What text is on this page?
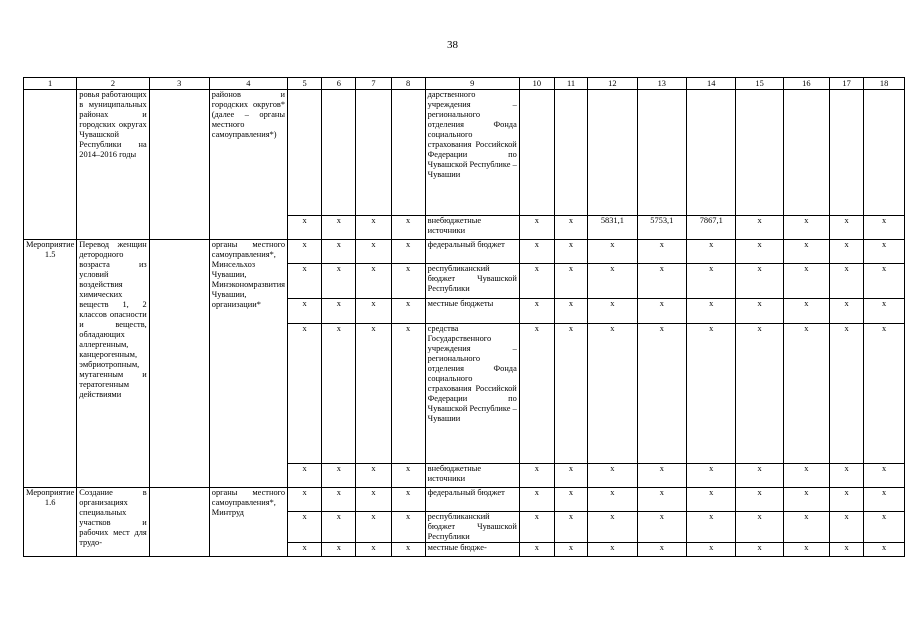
38
1	2	3	4	5	6	7	8	9	10	11	12	13	14	15	16	17	18
	ровья работающих в муниципальных районах и городских округах Чувашской Республики на 2014–2016 годы		районов и городских округов* (далее – органы местного самоуправления*)					дарственного учреждения – регионального отделения Фонда социального страхования Российской Федерации по Чувашской Республике – Чувашии									
				х	х	х	х	внебюджетные источники	х	х	5831,1	5753,1	7867,1	х	х	х	х
Мероприятие 1.5	Перевод женщин детородного возраста из условий воздействия химических веществ 1, 2 классов опасности и веществ, обладающих аллергенным, канцерогенным, эмбриотропным, мутагенным и тератогенным действиями		органы местного самоуправления*, Минсельхоз Чувашии, Минэкономразвития Чувашии, организации*	х	х	х	х	федеральный бюджет	х	х	х	х	х	х	х	х	х
				х	х	х	х	республиканский бюджет Чувашской Республики	х	х	х	х	х	х	х	х	х
				х	х	х	х	местные бюджеты	х	х	х	х	х	х	х	х	х
				х	х	х	х	средства Государственного учреждения – регионального отделения Фонда социального страхования Российской Федерации по Чувашской Республике – Чувашии	х	х	х	х	х	х	х	х	х
				х	х	х	х	внебюджетные источники	х	х	х	х	х	х	х	х	х
Мероприятие 1.6	Создание в организациях специальных участков и рабочих мест для трудо-		органы местного самоуправления*, Минтруд	х	х	х	х	федеральный бюджет	х	х	х	х	х	х	х	х	х
				х	х	х	х	республиканский бюджет Чувашской Республики	х	х	х	х	х	х	х	х	х
				х	х	х	х	местные бюдже-	х	х	х	х	х	х	х	х	х
